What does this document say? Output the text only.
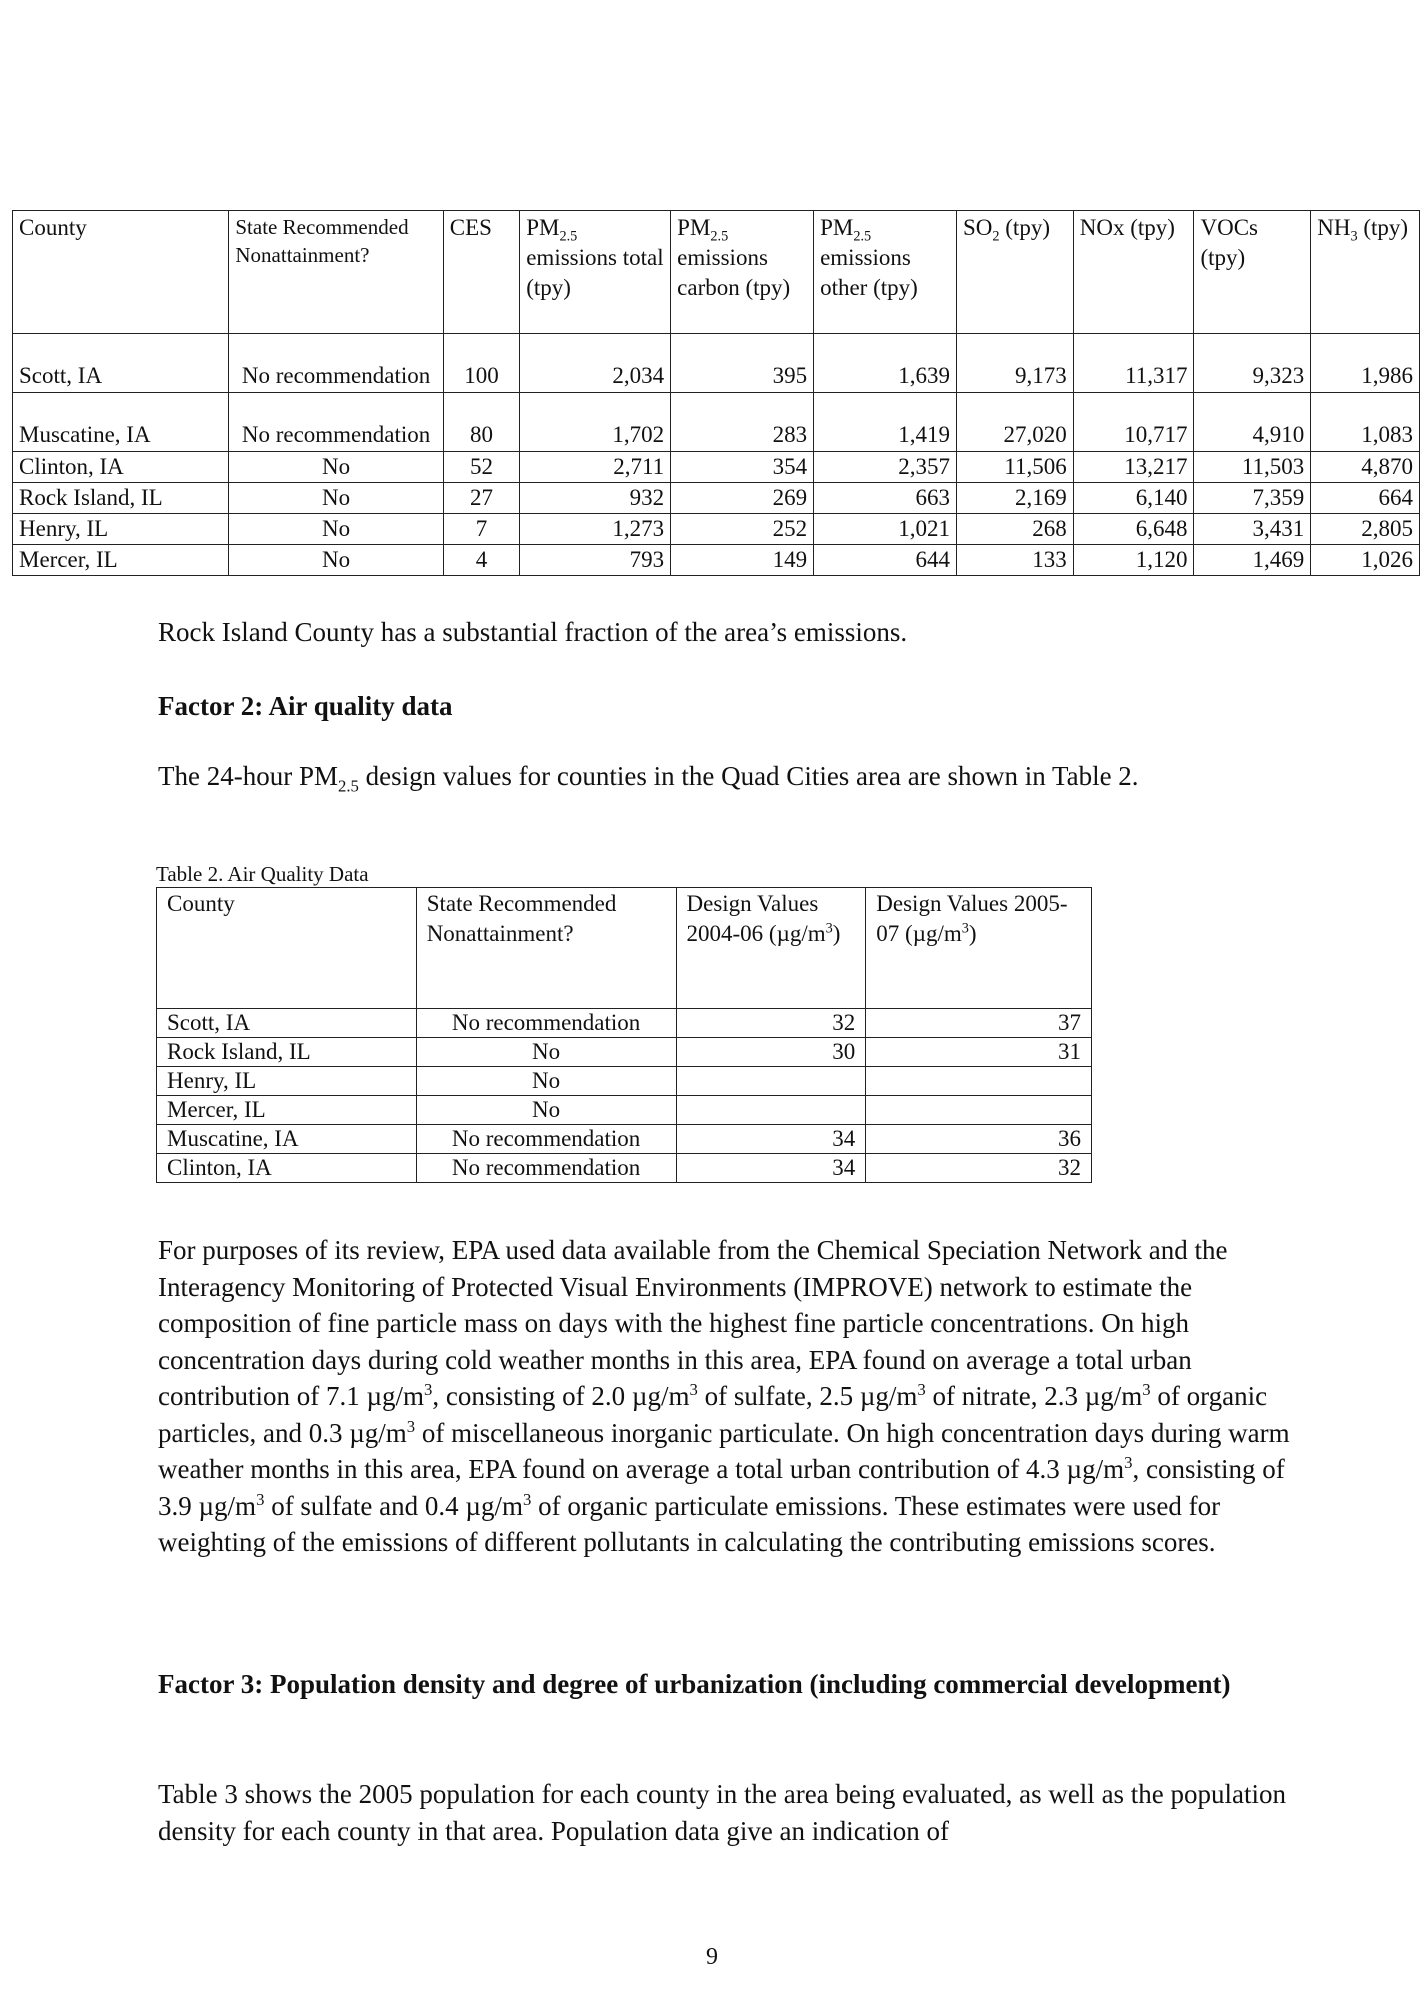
County	State Recommended Nonattainment?	CES	$PM_{2.5}$ emissions total (tpy)	$PM_{2.5}$ emissions carbon (tpy)	$PM_{2.5}$ emissions other (tpy)	$SO_2$ (tpy)	NOx (tpy)	VOCs (tpy)	$NH_3$ (tpy)
Scott, IA	No recommendation	100	2,034	395	1,639	9,173	11,317	9,323	1,986
Muscatine, IA	No recommendation	80	1,702	283	1,419	27,020	10,717	4,910	1,083
Clinton, IA	No	52	2,711	354	2,357	11,506	13,217	11,503	4,870
Rock Island, IL	No	27	932	269	663	2,169	6,140	7,359	664
Henry, IL	No	7	1,273	252	1,021	268	6,648	3,431	2,805
Mercer, IL	No	4	793	149	644	133	1,120	1,469	1,026
Rock Island County has a substantial fraction of the area’s emissions.
Factor 2: Air quality data
The 24-hour $PM_{2.5}$ design values for counties in the Quad Cities area are shown in Table 2.
Table 2. Air Quality Data
County	State Recommended Nonattainment?	Design Values 2004-06 $(\mu g/m^3)$	Design Values 2005-07 $(\mu g/m^3)$
Scott, IA	No recommendation	32	37
Rock Island, IL	No	30	31
Henry, IL	No		
Mercer, IL	No		
Muscatine, IA	No recommendation	34	36
Clinton, IA	No recommendation	34	32
For purposes of its review, EPA used data available from the Chemical Speciation Network and the Interagency Monitoring of Protected Visual Environments (IMPROVE) network to estimate the composition of fine particle mass on days with the highest fine particle concentrations. On high concentration days during cold weather months in this area, EPA found on average a total urban contribution of 7.1 $\mu g/m^3$, consisting of 2.0 $\mu g/m^3$ of sulfate, 2.5 $\mu g/m^3$ of nitrate, 2.3 $\mu g/m^3$ of organic particles, and 0.3 $\mu g/m^3$ of miscellaneous inorganic particulate. On high concentration days during warm weather months in this area, EPA found on average a total urban contribution of 4.3 $\mu g/m^3$, consisting of 3.9 $\mu g/m^3$ of sulfate and 0.4 $\mu g/m^3$ of organic particulate emissions. These estimates were used for weighting of the emissions of different pollutants in calculating the contributing emissions scores.
Factor 3: Population density and degree of urbanization (including commercial development)
Table 3 shows the 2005 population for each county in the area being evaluated, as well as the population density for each county in that area. Population data give an indication of
9
